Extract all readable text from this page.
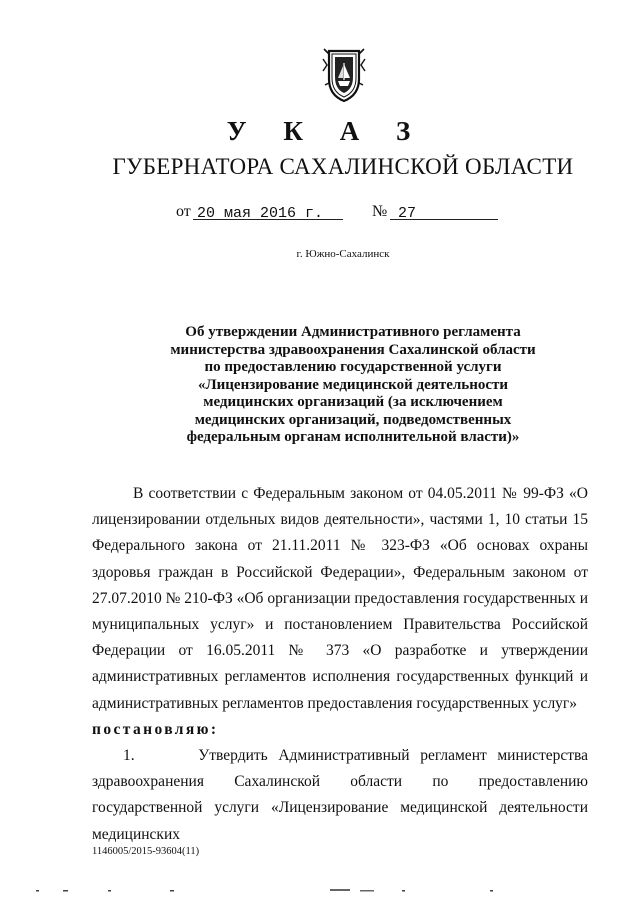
У К А З
ГУБЕРНАТОРА САХАЛИНСКОЙ ОБЛАСТИ
от 20 мая 2016 г.	№ 27
г. Южно-Сахалинск
Об утверждении Административного регламента
министерства здравоохранения Сахалинской области
по предоставлению государственной услуги
«Лицензирование медицинской деятельности
медицинских организаций (за исключением
медицинских организаций, подведомственных
федеральным органам исполнительной власти)»

В соответствии с Федеральным законом от 04.05.2011 № 99-ФЗ «О лицензировании отдельных видов деятельности», частями 1, 10 статьи 15 Федерального закона от 21.11.2011 № 323-ФЗ «Об основах охраны здоровья граждан в Российской Федерации», Федеральным законом от 27.07.2010 № 210-ФЗ «Об организации предоставления государственных и муниципальных услуг» и постановлением Правительства Российской Федерации от 16.05.2011 № 373 «О разработке и утверждении административных регламентов исполнения государственных функций и административных регламентов предоставления государственных услуг»

постановляю:

1.      Утвердить Административный регламент министерства здравоохранения Сахалинской области по предоставлению государственной услуги «Лицензирование медицинской деятельности медицинских

1146005/2015-93604(11)
